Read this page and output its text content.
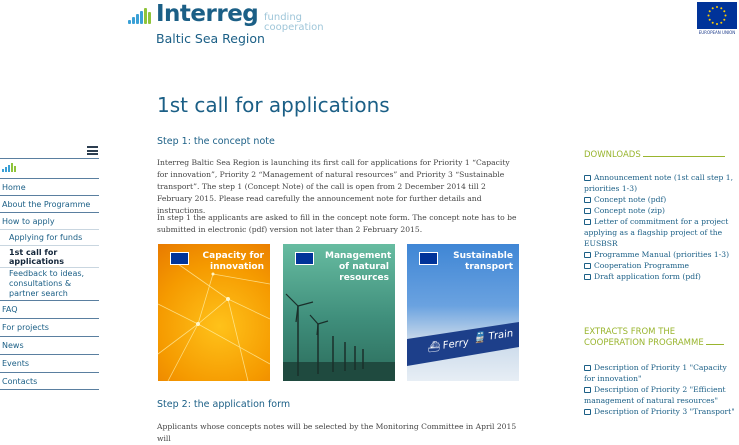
Interreg
Baltic Sea Region
funding
cooperation	EUROPEAN UNION
Home
About the Programme
How to apply
Applying for funds
1st call for applications
Feedback to ideas, consultations & partner search
FAQ
For projects
News
Events
Contacts
1st call for applications
Step 1: the concept note

Interreg Baltic Sea Region is launching its first call for applications for Priority 1 “Capacity for innovation”, Priority 2 “Management of natural resources” and Priority 3 “Sustainable transport”. The step 1 (Concept Note) of the call is open from 2 December 2014 till 2 February 2015. Please read carefully the announcement note for further details and instructions.

In step 1 the applicants are asked to fill in the concept note form. The concept note has to be submitted in electronic (pdf) version not later than 2 February 2015.

Capacity for innovation
Management of natural resources
Sustainable transport
⛴ Ferry 🚆 Train
Step 2: the application form

Applicants whose concepts notes will be selected by the Monitoring Committee in April 2015 will

DOWNLOADS
Announcement note (1st call step 1, priorities 1-3)
Concept note (pdf)
Concept note (zip)
Letter of commitment for a project applying as a flagship project of the EUSBSR
Programme Manual (priorities 1-3)
Cooperation Programme
Draft application form (pdf)
EXTRACTS FROM THE COOPERATION PROGRAMME
Description of Priority 1 "Capacity for innovation"
Description of Priority 2 "Efficient management of natural resources"
Description of Priority 3 "Transport"
